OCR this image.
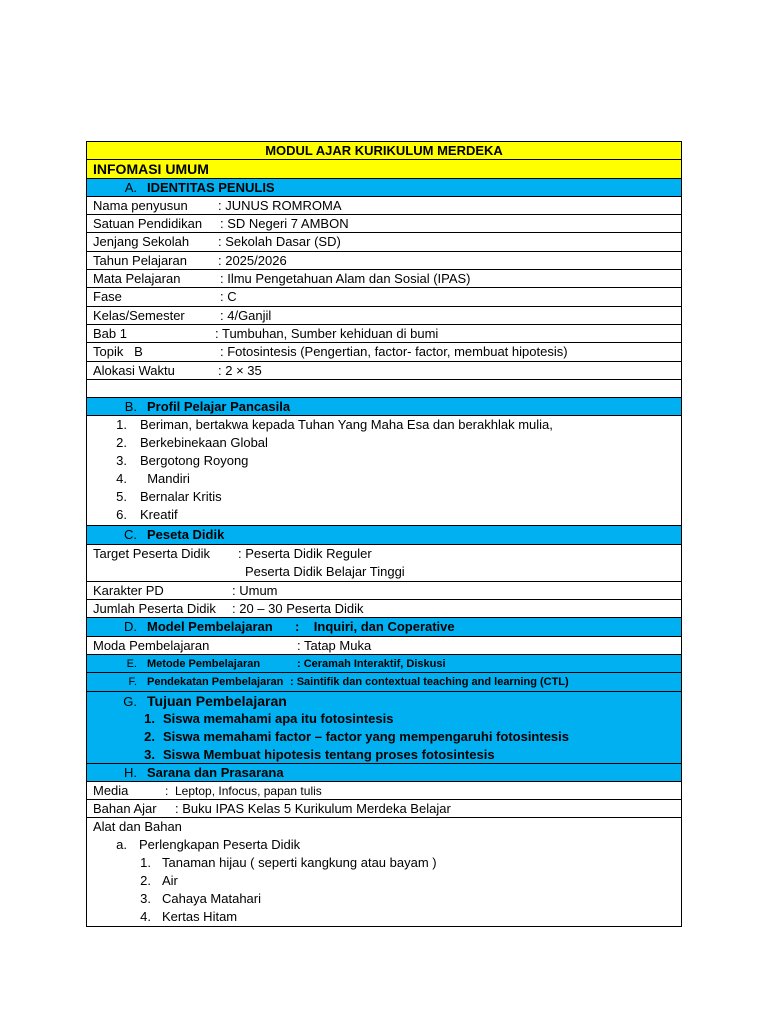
MODUL AJAR KURIKULUM MERDEKA
INFOMASI UMUM
A. IDENTITAS PENULIS
Nama penyusun : JUNUS ROMROMA
Satuan Pendidikan : SD Negeri 7 AMBON
Jenjang Sekolah : Sekolah Dasar (SD)
Tahun Pelajaran : 2025/2026
Mata Pelajaran	: Ilmu Pengetahuan Alam dan Sosial (IPAS)
Fase	: C
Kelas/Semester	: 4/Ganjil
Bab 1	: Tumbuhan, Sumber kehiduan di bumi
Topik   B	: Fotosintesis (Pengertian, factor- factor, membuat hipotesis)
Alokasi Waktu	: 2 × 35
B. Profil Pelajar Pancasila
1. Beriman, bertakwa kepada Tuhan Yang Maha Esa dan berakhlak mulia,
2. Berkebinekaan Global
3. Bergotong Royong
4. Mandiri
5. Bernalar Kritis
6. Kreatif
C. Peseta Didik
Target Peserta Didik : Peserta Didik Reguler
Peserta Didik Belajar Tinggi
Karakter PD	: Umum
Jumlah Peserta Didik : 20 – 30 Peserta Didik
D. Model Pembelajaran :    Inquiri, dan Coperative
Moda Pembelajaran	: Tatap Muka
E. Metode Pembelajaran	: Ceramah Interaktif, Diskusi
F. Pendekatan Pembelajaran : Saintifik dan contextual teaching and learning (CTL)
G. Tujuan Pembelajaran
1. Siswa memahami apa itu fotosintesis
2. Siswa memahami factor – factor yang mempengaruhi fotosintesis
3. Siswa Membuat hipotesis tentang proses fotosintesis
H. Sarana dan Prasarana
Media	:  Leptop, Infocus, papan tulis
Bahan Ajar : Buku IPAS Kelas 5 Kurikulum Merdeka Belajar
Alat dan Bahan
a. Perlengkapan Peserta Didik
1. Tanaman hijau ( seperti kangkung atau bayam )
2. Air
3. Cahaya Matahari
4. Kertas Hitam
